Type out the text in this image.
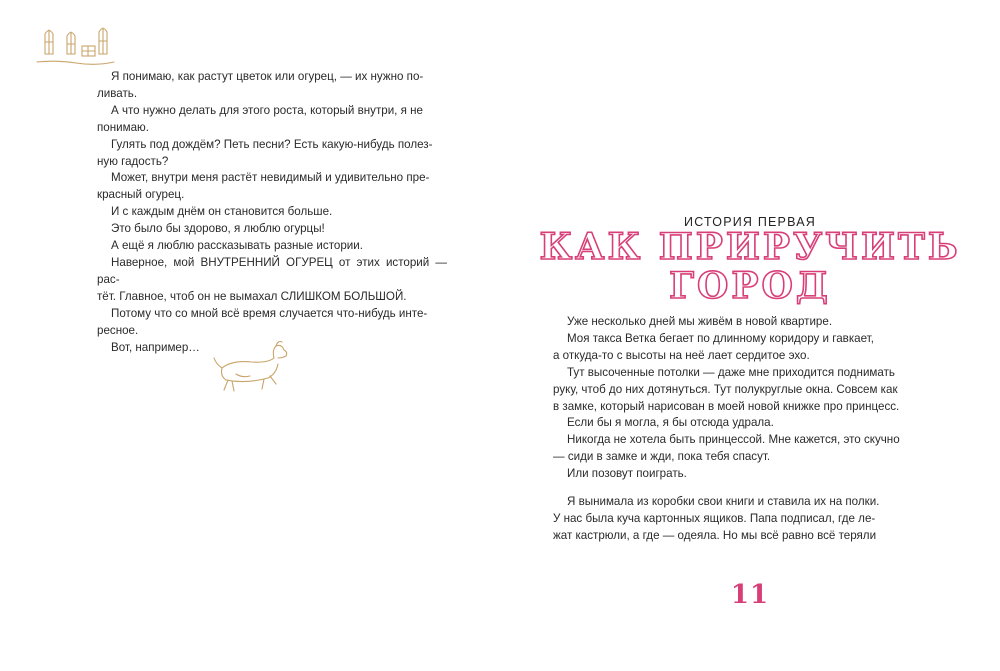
Я понимаю, как растут цветок или огурец, — их нужно по-
ливать.

А что нужно делать для этого роста, который внутри, я не
понимаю.

Гулять под дождём? Петь песни? Есть какую-нибудь полез-
ную гадость?

Может, внутри меня растёт невидимый и удивительно пре-
красный огурец.

И с каждым днём он становится больше.

Это было бы здорово, я люблю огурцы!

А ещё я люблю рассказывать разные истории.

Наверное, мой ВНУТРЕННИЙ ОГУРЕЦ от этих историй — рас-
тёт. Главное, чтоб он не вымахал СЛИШКОМ БОЛЬШОЙ.

Потому что со мной всё время случается что-нибудь инте-
ресное.

Вот, например…

ИСТОРИЯ ПЕРВАЯ
КАК ПРИРУЧИТЬ
ГОРОД

Уже несколько дней мы живём в новой квартире.

Моя такса Ветка бегает по длинному коридору и гавкает,
а откуда-то с высоты на неё лает сердитое эхо.

Тут высоченные потолки — даже мне приходится поднимать
руку, чтоб до них дотянуться. Тут полукруглые окна. Совсем как
в замке, который нарисован в моей новой книжке про принцесс.

Если бы я могла, я бы отсюда удрала.

Никогда не хотела быть принцессой. Мне кажется, это скучно
— сиди в замке и жди, пока тебя спасут.

Или позовут поиграть.

Я вынимала из коробки свои книги и ставила их на полки.
У нас была куча картонных ящиков. Папа подписал, где ле-
жат кастрюли, а где — одеяла. Но мы всё равно всё теряли

11
